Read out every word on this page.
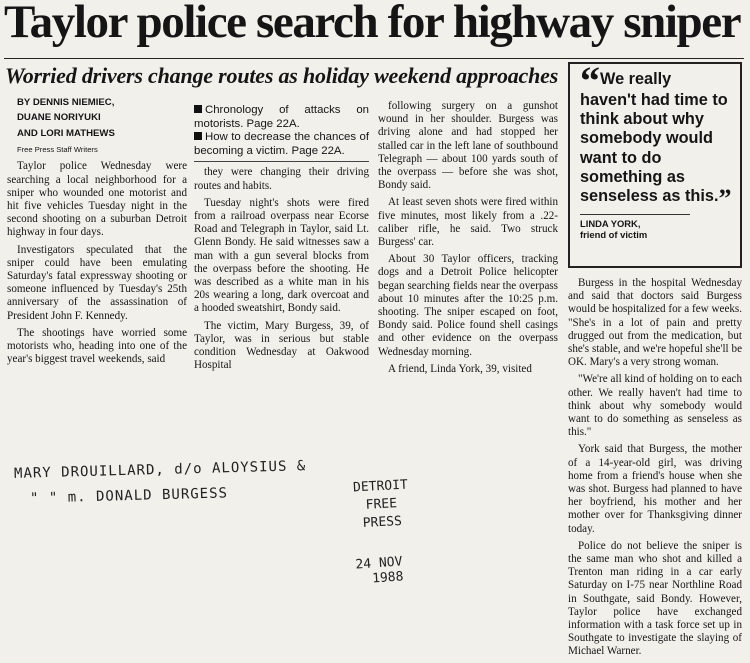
Taylor police search for highway sniper
Worried drivers change routes as holiday weekend approaches

BY DENNIS NIEMIEC,

DUANE NORIYUKI

AND LORI MATHEWS

Free Press Staff Writers

Taylor police Wednesday were searching a local neighborhood for a sniper who wounded one motorist and hit five vehicles Tuesday night in the second shooting on a suburban Detroit highway in four days.

Investigators speculated that the sniper could have been emulating Saturday's fatal expressway shooting or someone influenced by Tuesday's 25th anniversary of the assassination of President John F. Kennedy.

The shootings have worried some motorists who, heading into one of the year's biggest travel weekends, said

Chronology of attacks on motorists. Page 22A.
How to decrease the chances of becoming a victim. Page 22A.

they were changing their driving routes and habits.

Tuesday night's shots were fired from a railroad overpass near Ecorse Road and Telegraph in Taylor, said Lt. Glenn Bondy. He said witnesses saw a man with a gun several blocks from the overpass before the shooting. He was described as a white man in his 20s wearing a long, dark overcoat and a hooded sweatshirt, Bondy said.

The victim, Mary Burgess, 39, of Taylor, was in serious but stable condition Wednesday at Oakwood Hospital

following surgery on a gunshot wound in her shoulder. Burgess was driving alone and had stopped her stalled car in the left lane of southbound Telegraph — about 100 yards south of the overpass — before she was shot, Bondy said.

At least seven shots were fired within five minutes, most likely from a .22-caliber rifle, he said. Two struck Burgess' car.

About 30 Taylor officers, tracking dogs and a Detroit Police helicopter began searching fields near the overpass about 10 minutes after the 10:25 p.m. shooting. The sniper escaped on foot, Bondy said. Police found shell casings and other evidence on the overpass Wednesday morning.

A friend, Linda York, 39, visited

“We really haven't had time to think about why somebody would want to do something as senseless as this.”

LINDA YORK,

friend of victim

Burgess in the hospital Wednesday and said that doctors said Burgess would be hospitalized for a few weeks. "She's in a lot of pain and pretty drugged out from the medication, but she's stable, and we're hopeful she'll be OK. Mary's a very strong woman.

"We're all kind of holding on to each other. We really haven't had time to think about why somebody would want to do something as senseless as this."

York said that Burgess, the mother of a 14-year-old girl, was driving home from a friend's house when she was shot. Burgess had planned to have her boyfriend, his mother and her mother over for Thanksgiving dinner today.

Police do not believe the sniper is the same man who shot and killed a Trenton man riding in a car early Saturday on I-75 near Northline Road in Southgate, said Bondy. However, Taylor police have exchanged information with a task force set up in Southgate to investigate the slaying of Michael Warner.

MARY DROUILLARD, d/o ALOYSIUS &
" " m. DONALD BURGESS	DETROIT
FREE
PRESS
24 NOV
1988
